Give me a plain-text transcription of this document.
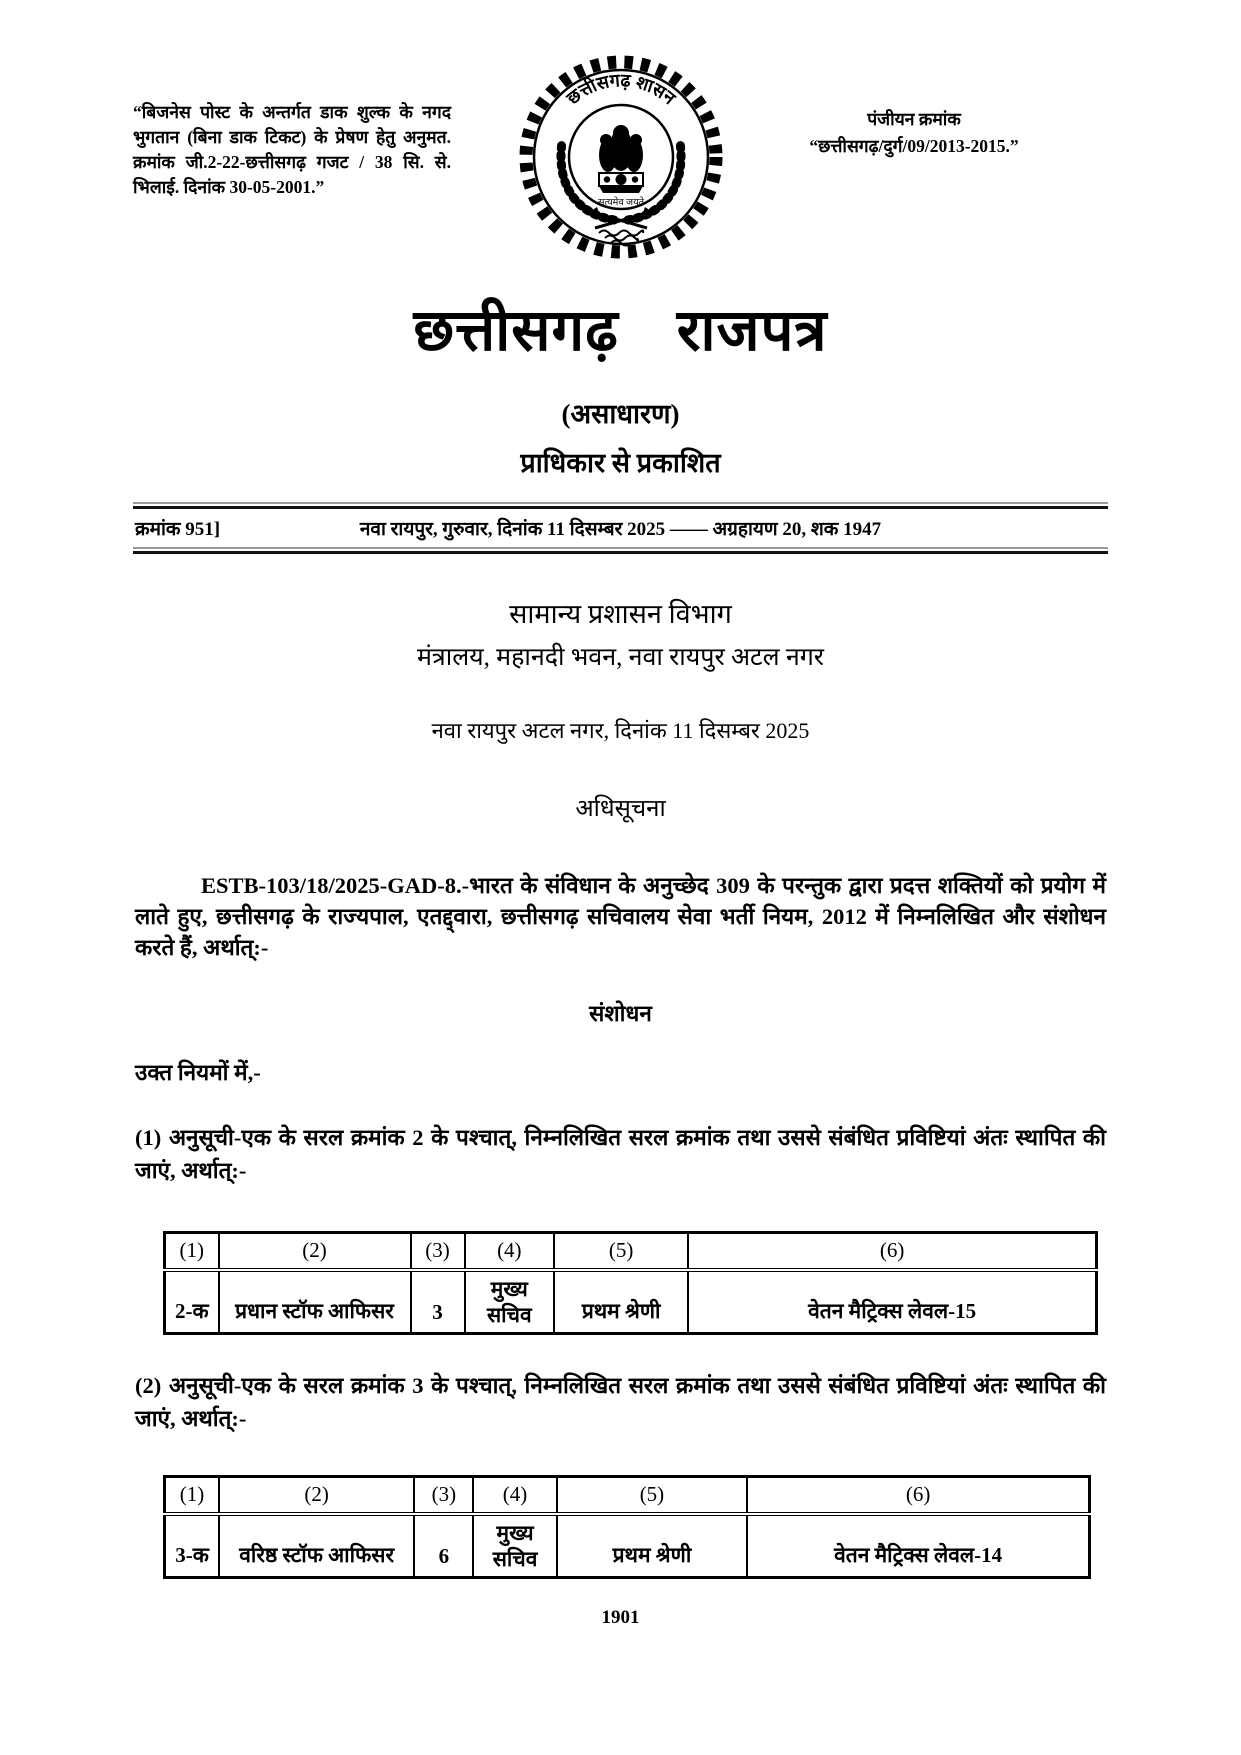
“बिजनेस पोस्ट के अन्तर्गत डाक शुल्क के नगद भुगतान (बिना डाक टिकट) के प्रेषण हेतु अनुमत. क्रमांक जी.2-22-छत्तीसगढ़ गजट / 38 सि. से. भिलाई. दिनांक 30-05-2001.”
पंजीयन क्रमांक
“छत्तीसगढ़/दुर्ग/09/2013-2015.”
छत्तीसगढ़ शासन
सत्यमेव जयते
छत्तीसगढ़ राजपत्र
(असाधारण)
प्राधिकार से प्रकाशित
क्रमांक 951]	नवा रायपुर, गुरुवार, दिनांक 11 दिसम्बर 2025 —— अग्रहायण 20, शक 1947
सामान्य प्रशासन विभाग
मंत्रालय, महानदी भवन, नवा रायपुर अटल नगर
नवा रायपुर अटल नगर, दिनांक 11 दिसम्बर 2025
अधिसूचना
ESTB-103/18/2025-GAD-8.-भारत के संविधान के अनुच्छेद 309 के परन्तुक द्वारा प्रदत्त शक्तियों को प्रयोग में लाते हुए, छत्तीसगढ़ के राज्यपाल, एतद्द्वारा, छत्तीसगढ़ सचिवालय सेवा भर्ती नियम, 2012 में निम्नलिखित और संशोधन करते हैं, अर्थात्:-
संशोधन
उक्त नियमों में,-
(1) अनुसूची-एक के सरल क्रमांक 2 के पश्चात्, निम्नलिखित सरल क्रमांक तथा उससे संबंधित प्रविष्टियां अंतः स्थापित की जाएं, अर्थात्:-
(1)	(2)	(3)	(4)	(5)	(6)
2-क	प्रधान स्टॉफ आफिसर	3	मुख्य सचिव	प्रथम श्रेणी	वेतन मैट्रिक्स लेवल-15
(2) अनुसूची-एक के सरल क्रमांक 3 के पश्चात्, निम्नलिखित सरल क्रमांक तथा उससे संबंधित प्रविष्टियां अंतः स्थापित की जाएं, अर्थात्:-
(1)	(2)	(3)	(4)	(5)	(6)
3-क	वरिष्ठ स्टॉफ आफिसर	6	मुख्य सचिव	प्रथम श्रेणी	वेतन मैट्रिक्स लेवल-14
1901
